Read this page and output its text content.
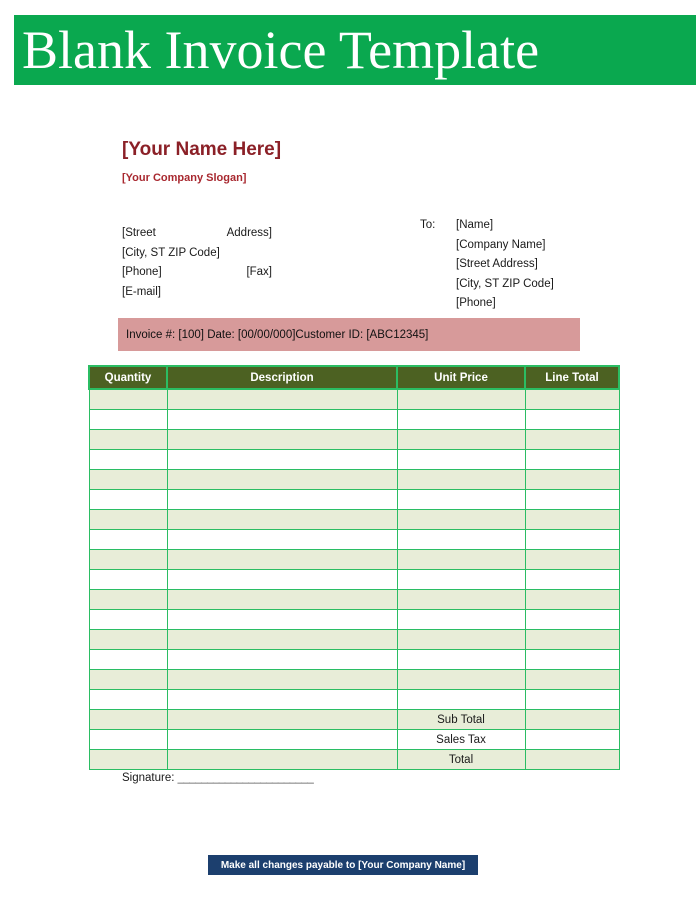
Blank Invoice Template
[Your Name Here]
[Your Company Slogan]
[Street	Address]
[City, ST ZIP Code]
[Phone]	[Fax]
[E-mail]
To:	[Name]
[Company Name]
[Street Address]
[City, ST ZIP Code]
[Phone]
Invoice #: [100] Date: [00/00/000]Customer ID: [ABC12345]
Quantity	Description	Unit Price	Line Total

		Sub Total	
		Sales Tax	
		Total	
Signature: _______________________
Make all changes payable to [Your Company Name]
